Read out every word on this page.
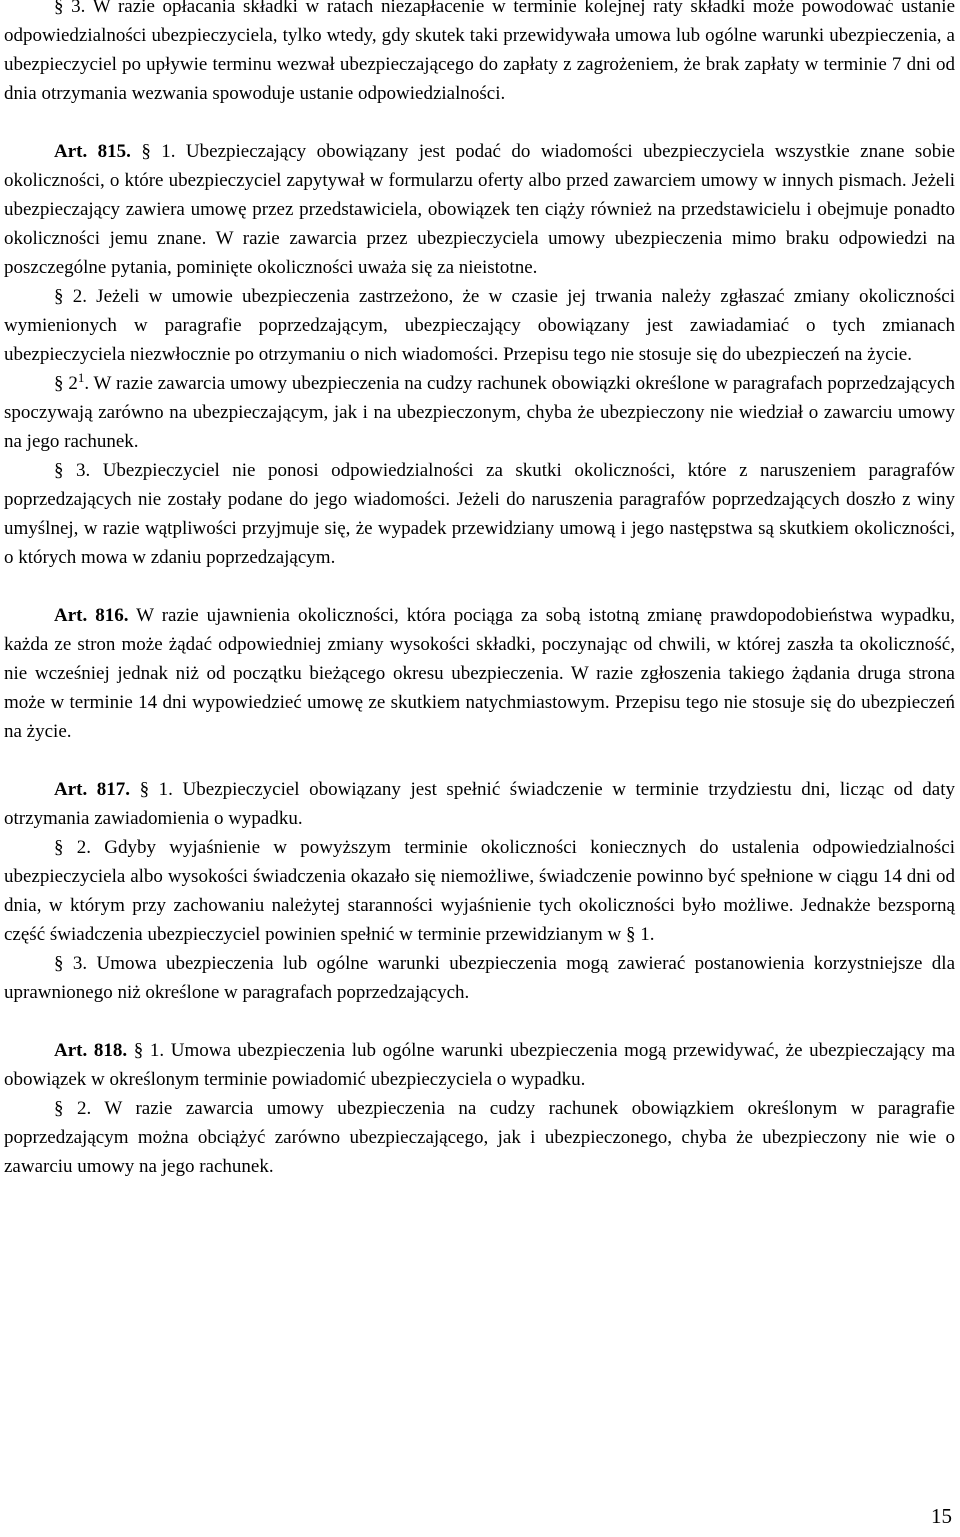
§ 3. W razie opłacania składki w ratach niezapłacenie w terminie kolejnej raty składki może powodować ustanie odpowiedzialności ubezpieczyciela, tylko wtedy, gdy skutek taki przewidywała umowa lub ogólne warunki ubezpieczenia, a ubezpieczyciel po upływie terminu wezwał ubezpieczającego do zapłaty z zagrożeniem, że brak zapłaty w terminie 7 dni od dnia otrzymania wezwania spowoduje ustanie odpowiedzialności.

Art. 815. § 1. Ubezpieczający obowiązany jest podać do wiadomości ubezpieczyciela wszystkie znane sobie okoliczności, o które ubezpieczyciel zapytywał w formularzu oferty albo przed zawarciem umowy w innych pismach. Jeżeli ubezpieczający zawiera umowę przez przedstawiciela, obowiązek ten ciąży również na przedstawicielu i obejmuje ponadto okoliczności jemu znane. W razie zawarcia przez ubezpieczyciela umowy ubezpieczenia mimo braku odpowiedzi na poszczególne pytania, pominięte okoliczności uważa się za nieistotne.

§ 2. Jeżeli w umowie ubezpieczenia zastrzeżono, że w czasie jej trwania należy zgłaszać zmiany okoliczności wymienionych w paragrafie poprzedzającym, ubezpieczający obowiązany jest zawiadamiać o tych zmianach ubezpieczyciela niezwłocznie po otrzymaniu o nich wiadomości. Przepisu tego nie stosuje się do ubezpieczeń na życie.

§ $2^1$. W razie zawarcia umowy ubezpieczenia na cudzy rachunek obowiązki określone w paragrafach poprzedzających spoczywają zarówno na ubezpieczającym, jak i na ubezpieczonym, chyba że ubezpieczony nie wiedział o zawarciu umowy na jego rachunek.

§ 3. Ubezpieczyciel nie ponosi odpowiedzialności za skutki okoliczności, które z naruszeniem paragrafów poprzedzających nie zostały podane do jego wiadomości. Jeżeli do naruszenia paragrafów poprzedzających doszło z winy umyślnej, w razie wątpliwości przyjmuje się, że wypadek przewidziany umową i jego następstwa są skutkiem okoliczności, o których mowa w zdaniu poprzedzającym.

Art. 816. W razie ujawnienia okoliczności, która pociąga za sobą istotną zmianę prawdopodobieństwa wypadku, każda ze stron może żądać odpowiedniej zmiany wysokości składki, poczynając od chwili, w której zaszła ta okoliczność, nie wcześniej jednak niż od początku bieżącego okresu ubezpieczenia. W razie zgłoszenia takiego żądania druga strona może w terminie 14 dni wypowiedzieć umowę ze skutkiem natychmiastowym. Przepisu tego nie stosuje się do ubezpieczeń na życie.

Art. 817. § 1. Ubezpieczyciel obowiązany jest spełnić świadczenie w terminie trzydziestu dni, licząc od daty otrzymania zawiadomienia o wypadku.

§ 2. Gdyby wyjaśnienie w powyższym terminie okoliczności koniecznych do ustalenia odpowiedzialności ubezpieczyciela albo wysokości świadczenia okazało się niemożliwe, świadczenie powinno być spełnione w ciągu 14 dni od dnia, w którym przy zachowaniu należytej staranności wyjaśnienie tych okoliczności było możliwe. Jednakże bezsporną część świadczenia ubezpieczyciel powinien spełnić w terminie przewidzianym w § 1.

§ 3. Umowa ubezpieczenia lub ogólne warunki ubezpieczenia mogą zawierać postanowienia korzystniejsze dla uprawnionego niż określone w paragrafach poprzedzających.

Art. 818. § 1. Umowa ubezpieczenia lub ogólne warunki ubezpieczenia mogą przewidywać, że ubezpieczający ma obowiązek w określonym terminie powiadomić ubezpieczyciela o wypadku.

§ 2. W razie zawarcia umowy ubezpieczenia na cudzy rachunek obowiązkiem określonym w paragrafie poprzedzającym można obciążyć zarówno ubezpieczającego, jak i ubezpieczonego, chyba że ubezpieczony nie wie o zawarciu umowy na jego rachunek.

15
